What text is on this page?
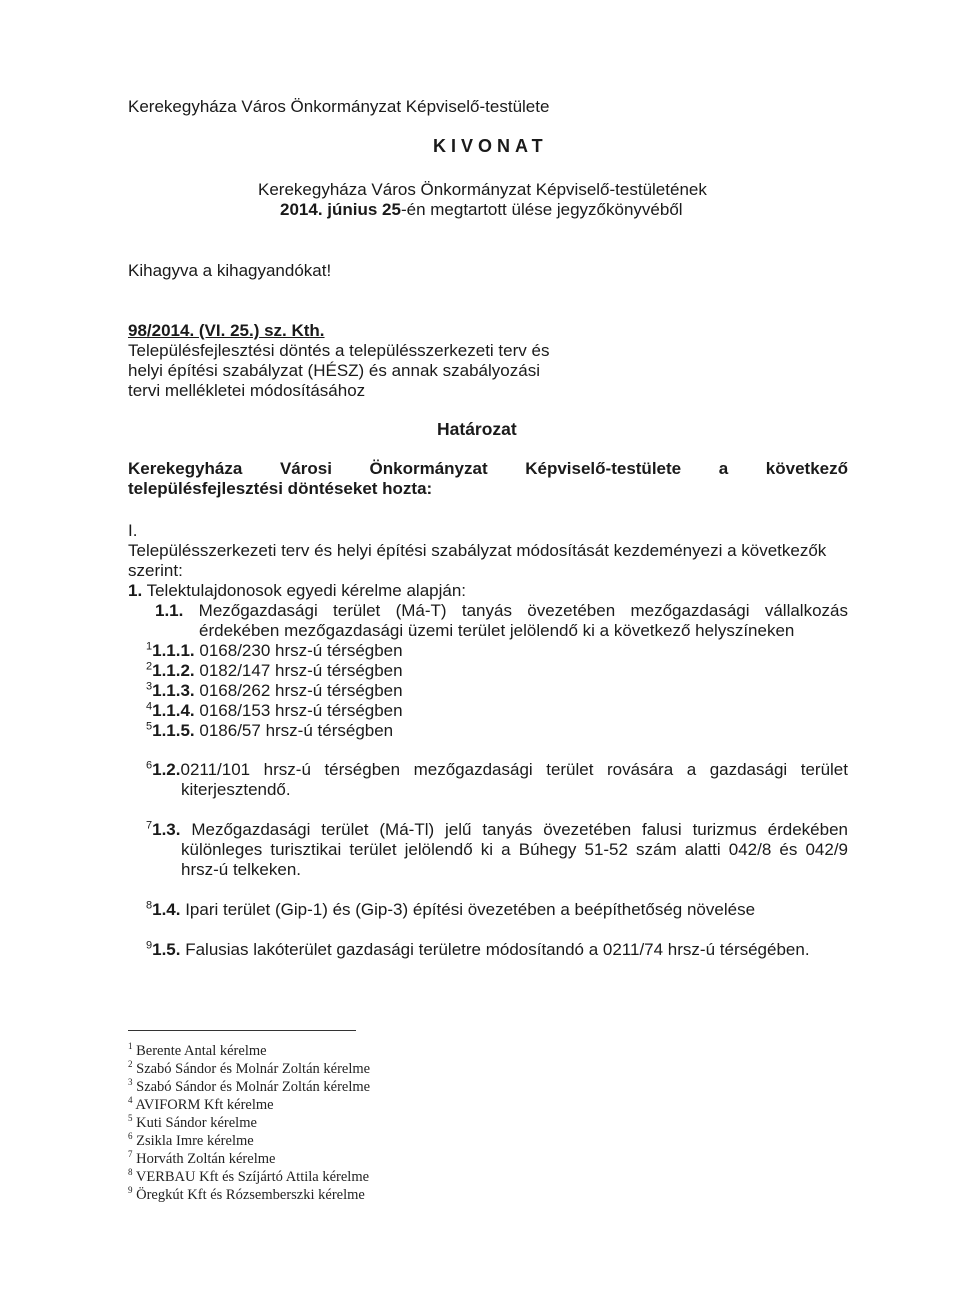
Kerekegyháza Város Önkormányzat Képviselő-testülete
KIVONAT
Kerekegyháza Város Önkormányzat Képviselő-testületének
2014. június 25-én megtartott ülése jegyzőkönyvéből
Kihagyva a kihagyandókat!
98/2014. (VI. 25.) sz. Kth.
Településfejlesztési döntés a településszerkezeti terv és
helyi építési szabályzat (HÉSZ) és annak szabályozási
tervi mellékletei módosításához
Határozat
Kerekegyháza Városi Önkormányzat Képviselő-testülete a következő
településfejlesztési döntéseket hozta:
I.
Településszerkezeti terv és helyi építési szabályzat módosítását kezdeményezi a következők
szerint:
1. Telektulajdonosok egyedi kérelme alapján:
1.1. Mezőgazdasági terület (Má-T) tanyás övezetében mezőgazdasági vállalkozás
érdekében mezőgazdasági üzemi terület jelölendő ki a következő helyszíneken
$^1$1.1.1. 0168/230 hrsz-ú térségben
$^2$1.1.2. 0182/147 hrsz-ú térségben
$^3$1.1.3. 0168/262 hrsz-ú térségben
$^4$1.1.4. 0168/153 hrsz-ú térségben
$^5$1.1.5. 0186/57 hrsz-ú térségben
$^6$1.2.0211/101 hrsz-ú térségben mezőgazdasági terület rovására a gazdasági terület
kiterjesztendő.
$^7$1.3. Mezőgazdasági terület (Má-Tl) jelű tanyás övezetében falusi turizmus érdekében
különleges turisztikai terület jelölendő ki a Búhegy 51-52 szám alatti 042/8 és 042/9
hrsz-ú telkeken.
$^8$1.4. Ipari terület (Gip-1) és (Gip-3) építési övezetében a beépíthetőség növelése
$^9$1.5. Falusias lakóterület gazdasági területre módosítandó a 0211/74 hrsz-ú térségében.
$^1$ Berente Antal kérelme
$^2$ Szabó Sándor és Molnár Zoltán kérelme
$^3$ Szabó Sándor és Molnár Zoltán kérelme
$^4$ AVIFORM Kft kérelme
$^5$ Kuti Sándor kérelme
$^6$ Zsikla Imre kérelme
$^7$ Horváth Zoltán kérelme
$^8$ VERBAU Kft és Szíjártó Attila kérelme
$^9$ Öregkút Kft és Rózsemberszki kérelme
